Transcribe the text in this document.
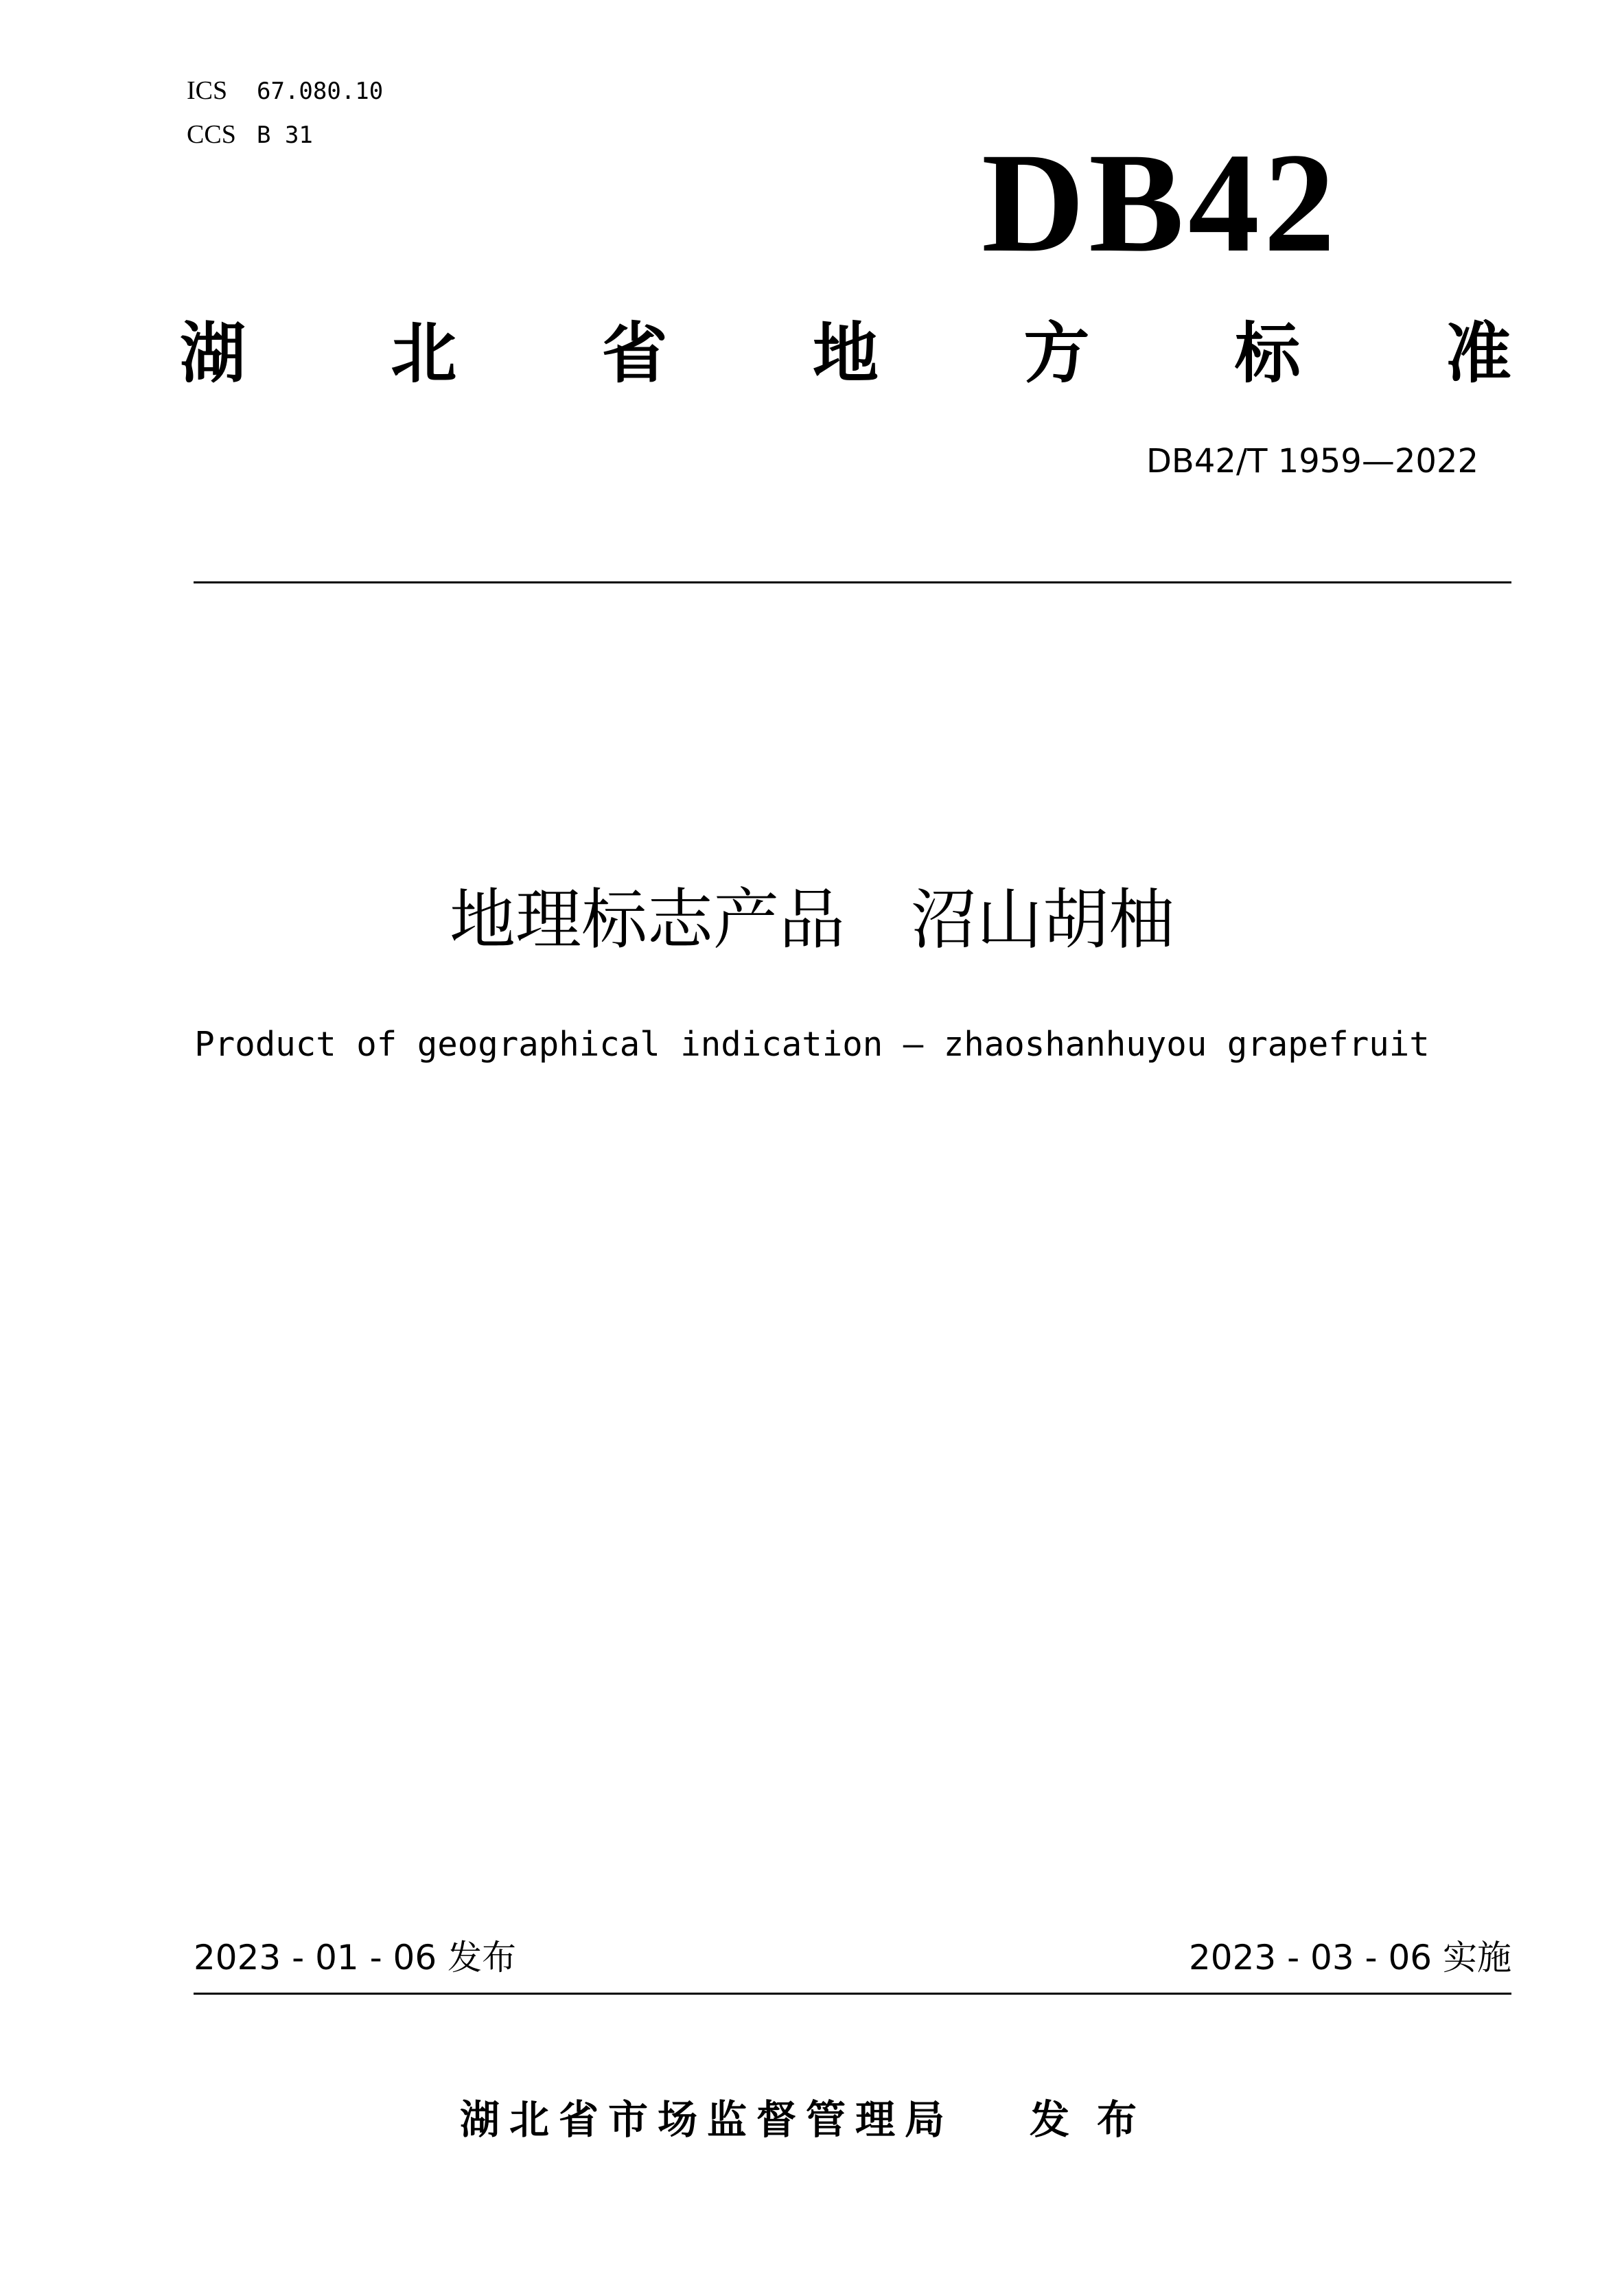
ICS 67.080.10
CCS B 31	DB42
湖 北 省 地 方 标 准
DB42/T 1959—2022
地理标志产品　沼山胡柚
Product of geographical indication — zhaoshanhuyou grapefruit
2023 - 01 - 06 发布	2023 - 03 - 06 实施
湖北省市场监督管理局 发布
